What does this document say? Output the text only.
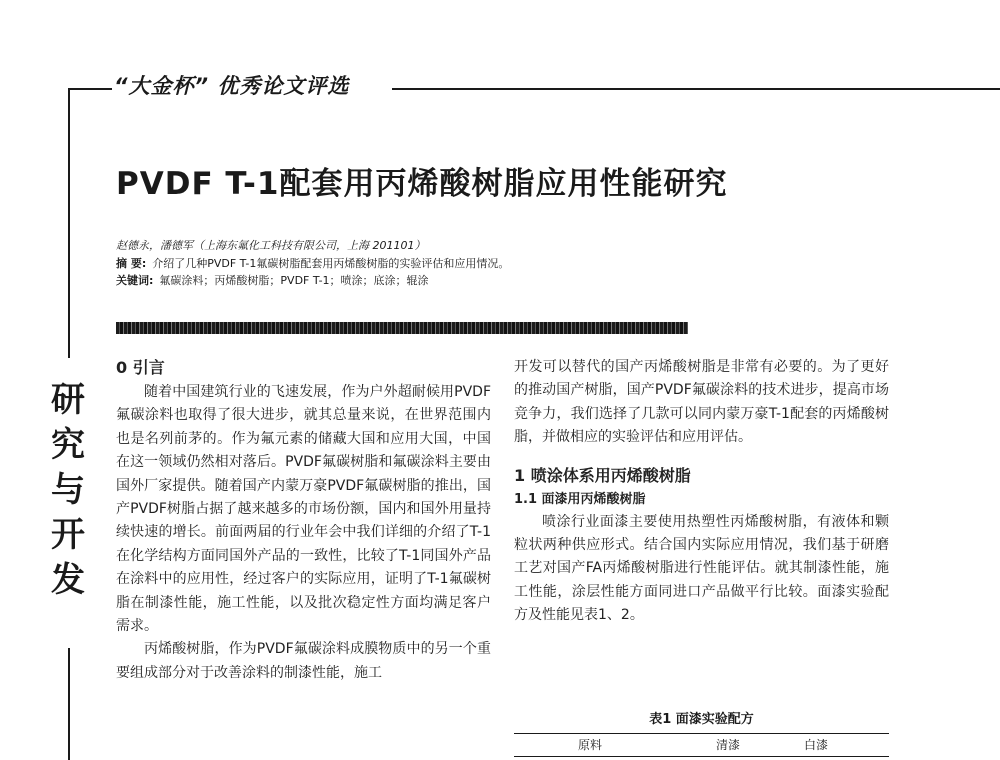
“大金杯” 优秀论文评选
PVDF T-1配套用丙烯酸树脂应用性能研究
赵德永，潘德军（上海东氟化工科技有限公司，上海 201101）
摘 要: 介绍了几种PVDF T-1氟碳树脂配套用丙烯酸树脂的实验评估和应用情况。
关键词: 氟碳涂料；丙烯酸树脂；PVDF T-1；喷涂；底涂；辊涂
研
究
与
开
发
0 引言
随着中国建筑行业的飞速发展，作为户外超耐候用PVDF氟碳涂料也取得了很大进步，就其总量来说，在世界范围内也是名列前茅的。作为氟元素的储藏大国和应用大国，中国在这一领域仍然相对落后。PVDF氟碳树脂和氟碳涂料主要由国外厂家提供。随着国产内蒙万豪PVDF氟碳树脂的推出，国产PVDF树脂占据了越来越多的市场份额，国内和国外用量持续快速的增长。前面两届的行业年会中我们详细的介绍了T-1在化学结构方面同国外产品的一致性，比较了T-1同国外产品在涂料中的应用性，经过客户的实际应用，证明了T-1氟碳树脂在制漆性能，施工性能，以及批次稳定性方面均满足客户需求。
丙烯酸树脂，作为PVDF氟碳涂料成膜物质中的另一个重要组成部分对于改善涂料的制漆性能，施工
开发可以替代的国产丙烯酸树脂是非常有必要的。为了更好的推动国产树脂，国产PVDF氟碳涂料的技术进步，提高市场竞争力，我们选择了几款可以同内蒙万豪T-1配套的丙烯酸树脂，并做相应的实验评估和应用评估。
1 喷涂体系用丙烯酸树脂
1.1 面漆用丙烯酸树脂
喷涂行业面漆主要使用热塑性丙烯酸树脂，有液体和颗粒状两种供应形式。结合国内实际应用情况，我们基于研磨工艺对国产FA丙烯酸树脂进行性能评估。就其制漆性能，施工性能，涂层性能方面同进口产品做平行比较。面漆实验配方及性能见表1、2。
表1 面漆实验配方
原料	清漆	白漆
